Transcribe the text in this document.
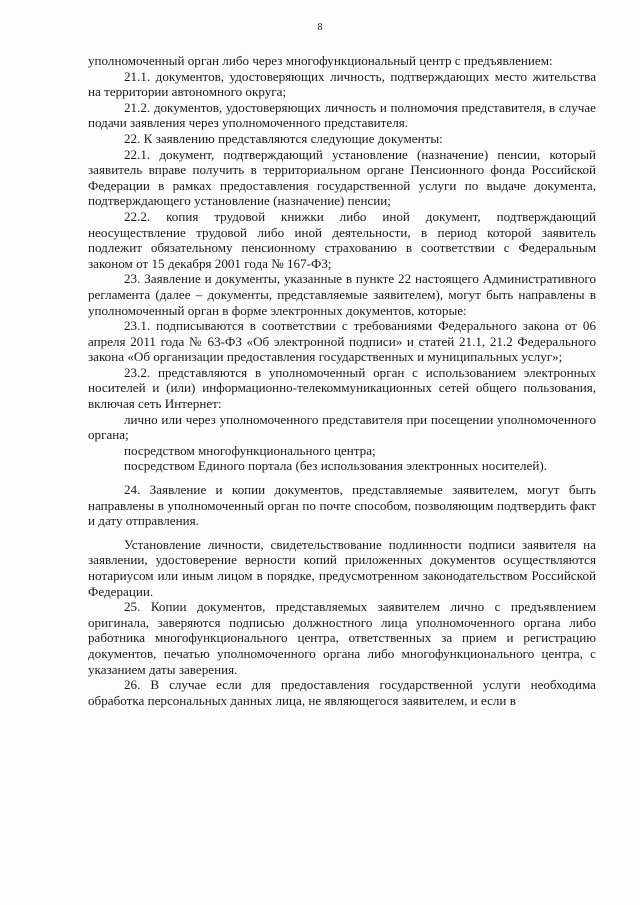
8

уполномоченный орган либо через многофункциональный центр с предъявлением:

21.1. документов, удостоверяющих личность, подтверждающих место жительства на территории автономного округа;

21.2. документов, удостоверяющих личность и полномочия представителя, в случае подачи заявления через уполномоченного представителя.

22. К заявлению представляются следующие документы:

22.1. документ, подтверждающий установление (назначение) пенсии, который заявитель вправе получить в территориальном органе Пенсионного фонда Российской Федерации в рамках предоставления государственной услуги по выдаче документа, подтверждающего установление (назначение) пенсии;

22.2. копия трудовой книжки либо иной документ, подтверждающий неосуществление трудовой либо иной деятельности, в период которой заявитель подлежит обязательному пенсионному страхованию в соответствии с Федеральным законом от 15 декабря 2001 года № 167-ФЗ;

23. Заявление и документы, указанные в пункте 22 настоящего Административного регламента (далее – документы, представляемые заявителем), могут быть направлены в уполномоченный орган в форме электронных документов, которые:

23.1. подписываются в соответствии с требованиями Федерального закона от 06 апреля 2011 года № 63-ФЗ «Об электронной подписи» и статей 21.1, 21.2 Федерального закона «Об организации предоставления государственных и муниципальных услуг»;

23.2. представляются в уполномоченный орган с использованием электронных носителей и (или) информационно-телекоммуникационных сетей общего пользования, включая сеть Интернет:

лично или через уполномоченного представителя при посещении уполномоченного органа;

посредством многофункционального центра;

посредством Единого портала (без использования электронных носителей).

24. Заявление и копии документов, представляемые заявителем, могут быть направлены в уполномоченный орган по почте способом, позволяющим подтвердить факт и дату отправления.

Установление личности, свидетельствование подлинности подписи заявителя на заявлении, удостоверение верности копий приложенных документов осуществляются нотариусом или иным лицом в порядке, предусмотренном законодательством Российской Федерации.

25. Копии документов, представляемых заявителем лично с предъявлением оригинала, заверяются подписью должностного лица уполномоченного органа либо работника многофункционального центра, ответственных за прием и регистрацию документов, печатью уполномоченного органа либо многофункционального центра, с указанием даты заверения.

26. В случае если для предоставления государственной услуги необходима обработка персональных данных лица, не являющегося заявителем, и если в
